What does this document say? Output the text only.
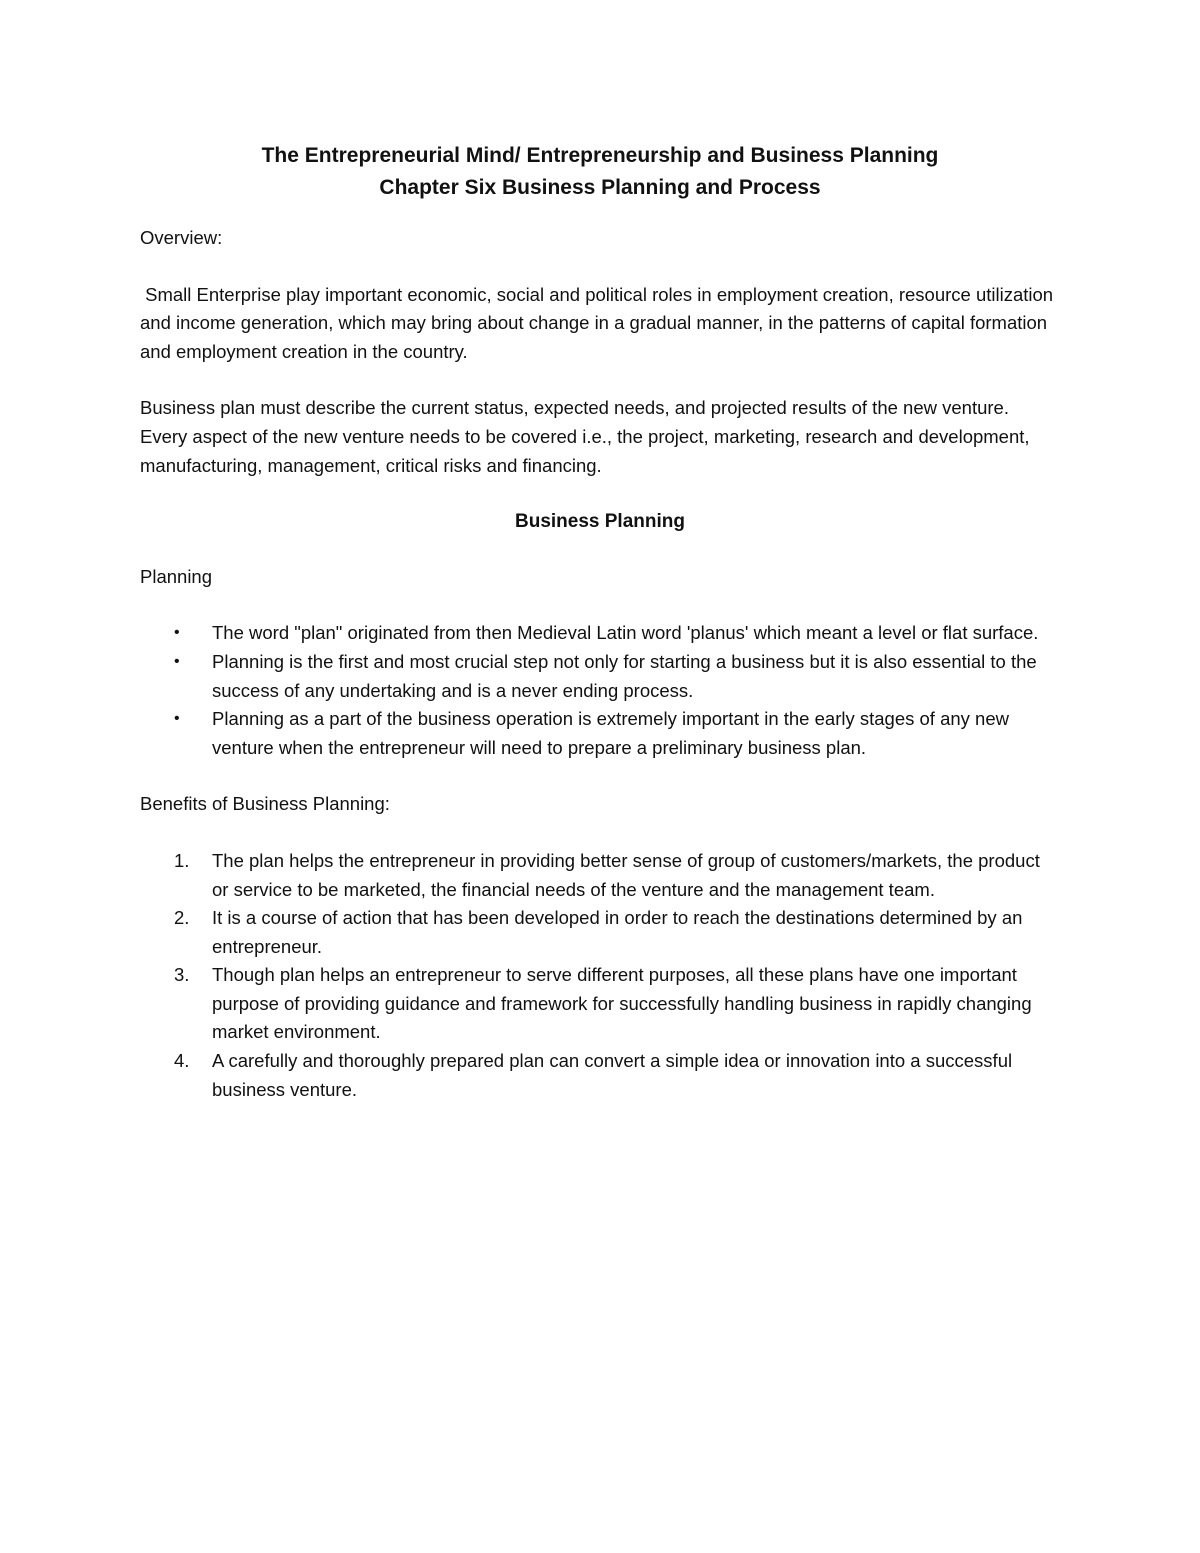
The Entrepreneurial Mind/ Entrepreneurship and Business Planning
Chapter Six Business Planning and Process

Overview:

Small Enterprise play important economic, social and political roles in employment creation, resource utilization and income generation, which may bring about change in a gradual manner, in the patterns of capital formation and employment creation in the country.

Business plan must describe the current status, expected needs, and projected results of the new venture. Every aspect of the new venture needs to be covered i.e., the project, marketing, research and development, manufacturing, management, critical risks and financing.

Business Planning

Planning

• The word "plan" originated from then Medieval Latin word 'planus' which meant a level or flat surface.
• Planning is the first and most crucial step not only for starting a business but it is also essential to the success of any undertaking and is a never ending process.
• Planning as a part of the business operation is extremely important in the early stages of any new venture when the entrepreneur will need to prepare a preliminary business plan.

Benefits of Business Planning:

1. The plan helps the entrepreneur in providing better sense of group of customers/markets, the product or service to be marketed, the financial needs of the venture and the management team.
2. It is a course of action that has been developed in order to reach the destinations determined by an entrepreneur.
3. Though plan helps an entrepreneur to serve different purposes, all these plans have one important purpose of providing guidance and framework for successfully handling business in rapidly changing market environment.
4. A carefully and thoroughly prepared plan can convert a simple idea or innovation into a successful business venture.
